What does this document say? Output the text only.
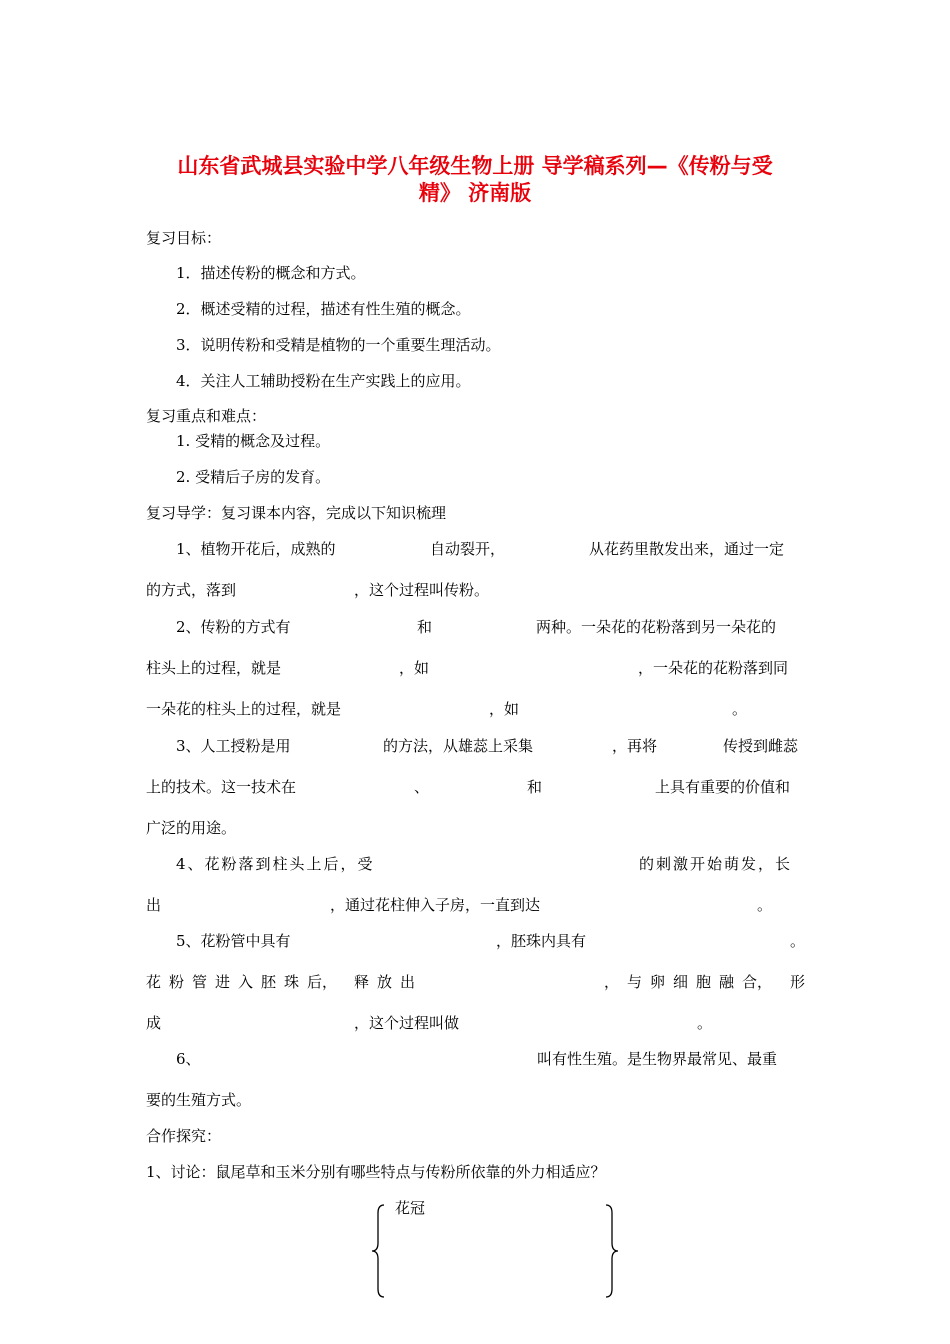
山东省武城县实验中学八年级生物上册 导学稿系列—《传粉与受
精》 济南版
复习目标：
1．描述传粉的概念和方式。
2．概述受精的过程，描述有性生殖的概念。
3．说明传粉和受精是植物的一个重要生理活动。
4．关注人工辅助授粉在生产实践上的应用。
复习重点和难点：
1. 受精的概念及过程。
2. 受精后子房的发育。
复习导学：复习课本内容，完成以下知识梳理
1、植物开花后，成熟的	自动裂开，	从花药里散发出来，通过一定
的方式，落到	，这个过程叫传粉。
2、传粉的方式有	和	两种。一朵花的花粉落到另一朵花的
柱头上的过程，就是	，如	，一朵花的花粉落到同
一朵花的柱头上的过程，就是	，如	。
3、人工授粉是用	的方法，从雄蕊上采集	，再将	传授到雌蕊
上的技术。这一技术在	、	和	上具有重要的价值和
广泛的用途。
4、花粉落到柱头上后，受	的刺激开始萌发，长
出	，通过花柱伸入子房，一直到达	。
5、花粉管中具有	，胚珠内具有	。
花 粉 管 进 入 胚 珠 后， 释 放 出	， 与 卵 细 胞 融 合， 形
成	，这个过程叫做	。
6、	叫有性生殖。是生物界最常见、最重
要的生殖方式。
合作探究：
1、讨论：鼠尾草和玉米分别有哪些特点与传粉所依靠的外力相适应？
花冠
